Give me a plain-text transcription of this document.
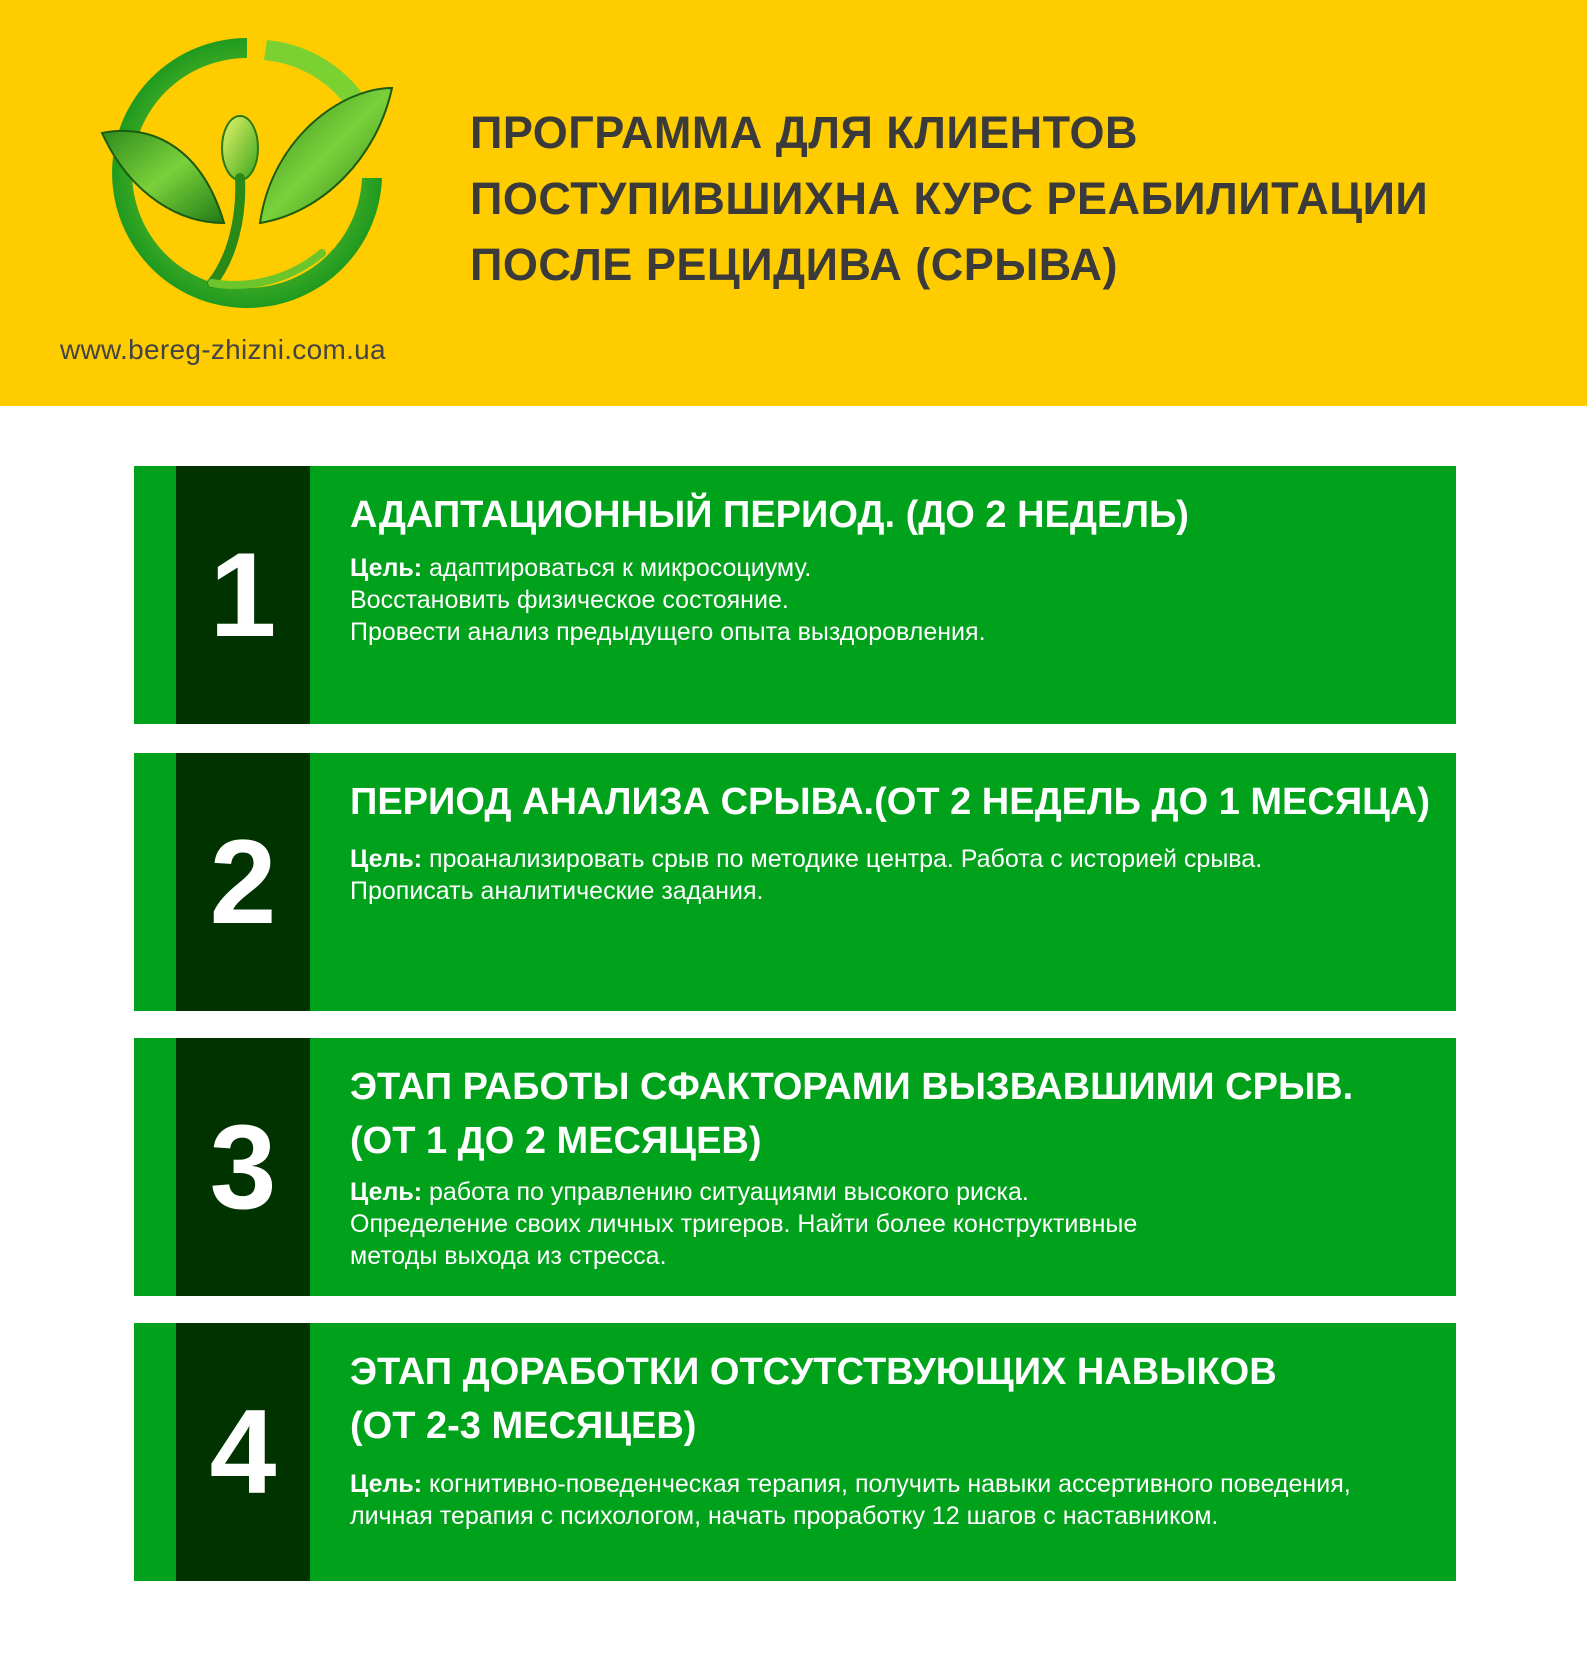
www.bereg-zhizni.com.ua
ПРОГРАММА ДЛЯ КЛИЕНТОВ
ПОСТУПИВШИХНА КУРС РЕАБИЛИТАЦИИ
ПОСЛЕ РЕЦИДИВА (СРЫВА)
1
АДАПТАЦИОННЫЙ ПЕРИОД. (ДО 2 НЕДЕЛЬ)
Цель: адаптироваться к микросоциуму.
Восстановить физическое состояние.
Провести анализ предыдущего опыта выздоровления.
2
ПЕРИОД АНАЛИЗА СРЫВА.(ОТ 2 НЕДЕЛЬ ДО 1 МЕСЯЦА)
Цель: проанализировать срыв по методике центра. Работа с историей срыва.
Прописать аналитические задания.
3
ЭТАП РАБОТЫ СФАКТОРАМИ ВЫЗВАВШИМИ СРЫВ.
(ОТ 1 ДО 2 МЕСЯЦЕВ)
Цель: работа по управлению ситуациями высокого риска.
Определение своих личных тригеров. Найти более конструктивные
методы выхода из стресса.
4
ЭТАП ДОРАБОТКИ ОТСУТСТВУЮЩИХ НАВЫКОВ
(ОТ 2-3 МЕСЯЦЕВ)
Цель: когнитивно-поведенческая терапия, получить навыки ассертивного поведения,
личная терапия с психологом, начать проработку 12 шагов с наставником.
